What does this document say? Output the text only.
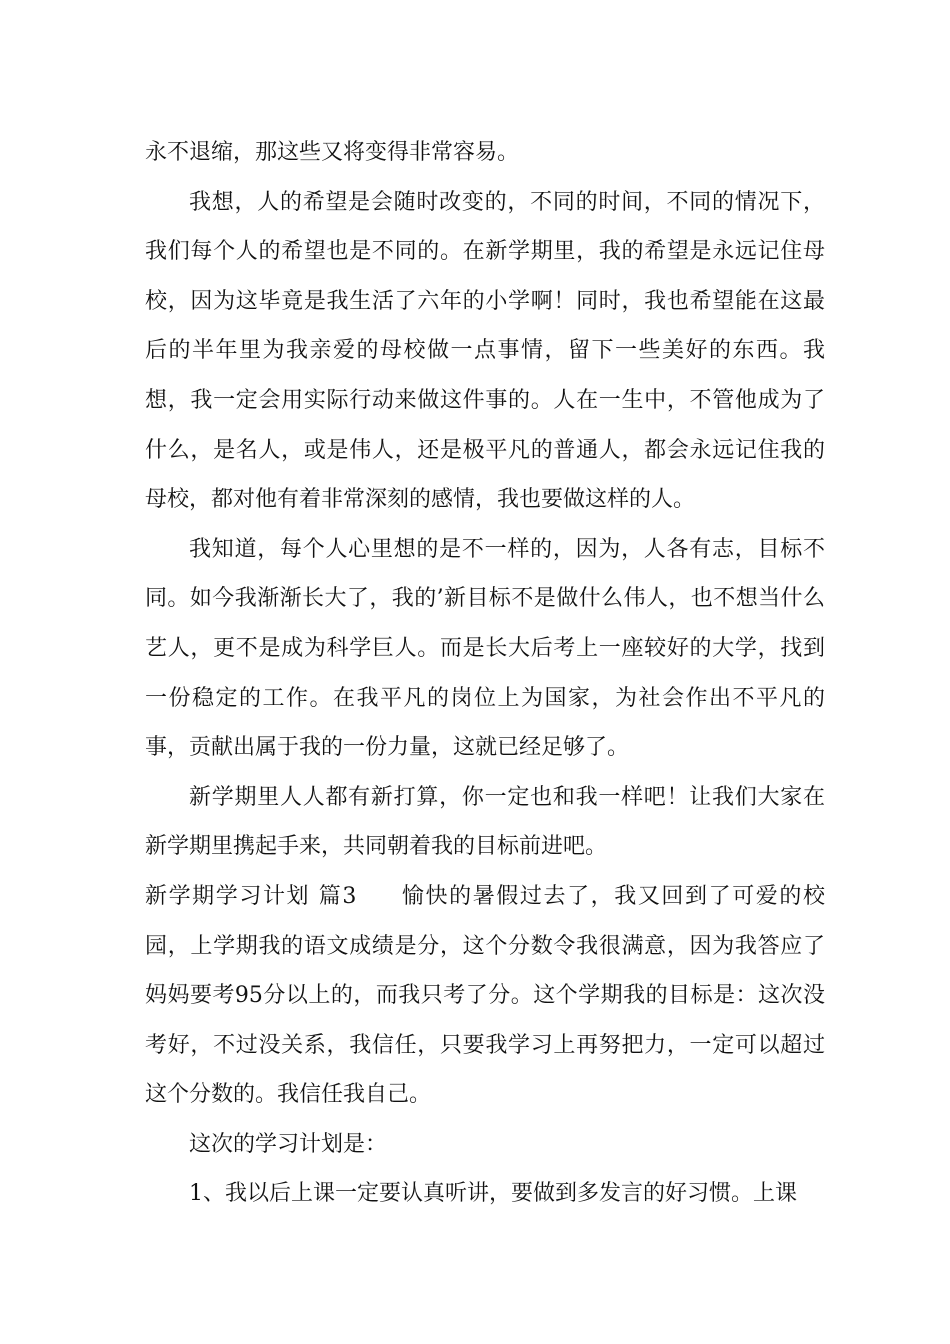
永不退缩，那这些又将变得非常容易。

我想，人的希望是会随时改变的，不同的时间，不同的情况下，我们每个人的希望也是不同的。在新学期里，我的希望是永远记住母校，因为这毕竟是我生活了六年的小学啊！同时，我也希望能在这最后的半年里为我亲爱的母校做一点事情，留下一些美好的东西。我想，我一定会用实际行动来做这件事的。人在一生中，不管他成为了什么，是名人，或是伟人，还是极平凡的普通人，都会永远记住我的母校，都对他有着非常深刻的感情，我也要做这样的人。

我知道，每个人心里想的是不一样的，因为，人各有志，目标不同。如今我渐渐长大了，我的’新目标不是做什么伟人，也不想当什么艺人，更不是成为科学巨人。而是长大后考上一座较好的大学，找到一份稳定的工作。在我平凡的岗位上为国家，为社会作出不平凡的事，贡献出属于我的一份力量，这就已经足够了。

新学期里人人都有新打算，你一定也和我一样吧！让我们大家在新学期里携起手来，共同朝着我的目标前进吧。

新学期学习计划 篇3 愉快的暑假过去了，我又回到了可爱的校园，上学期我的语文成绩是分，这个分数令我很满意，因为我答应了妈妈要考95分以上的，而我只考了分。这个学期我的目标是：这次没考好，不过没关系，我信任，只要我学习上再努把力，一定可以超过这个分数的。我信任我自己。

这次的学习计划是：

1、我以后上课一定要认真听讲，要做到多发言的好习惯。上课
